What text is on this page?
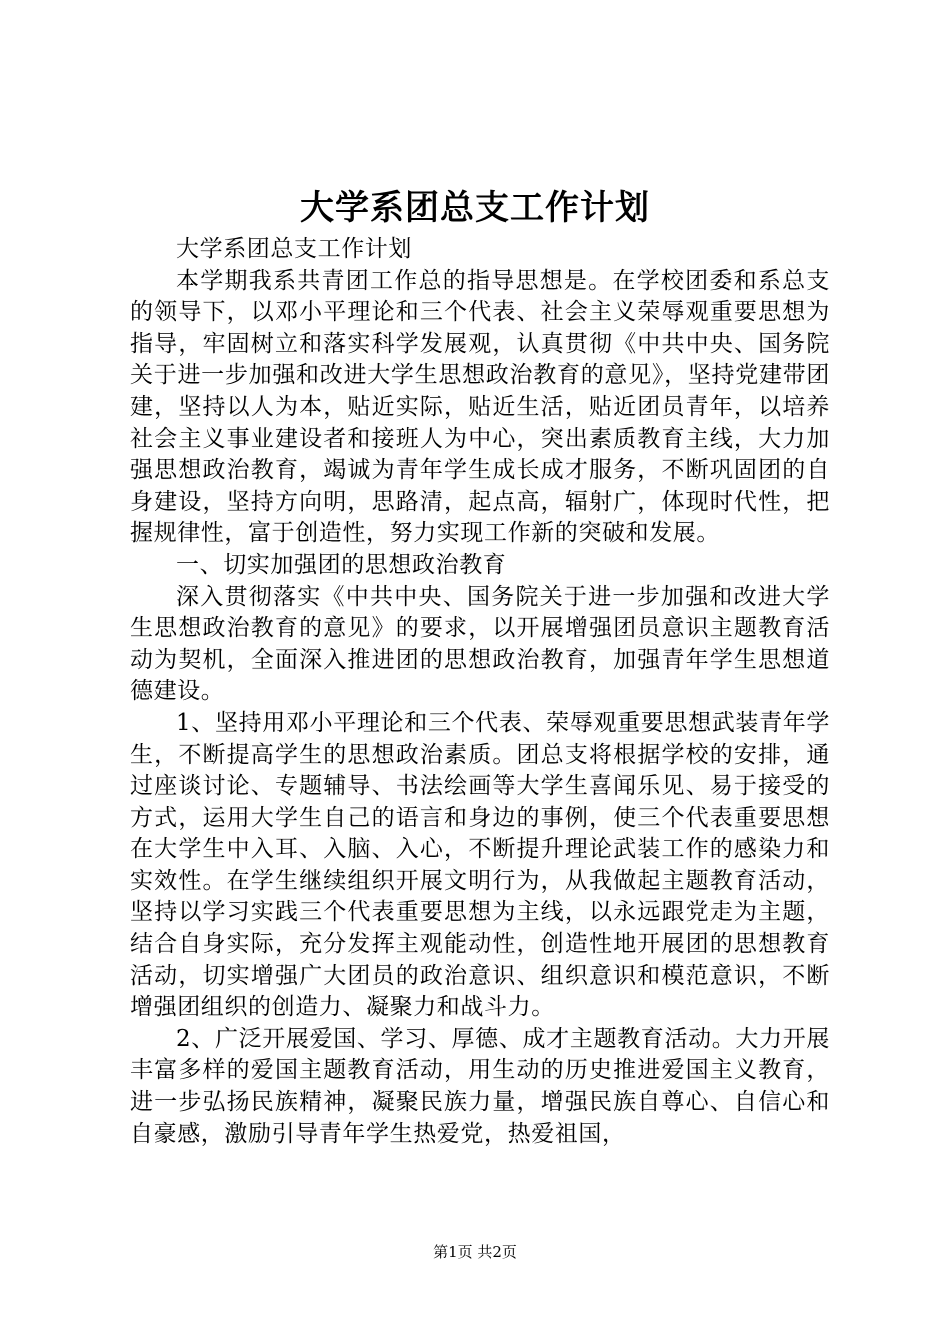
大学系团总支工作计划

大学系团总支工作计划

本学期我系共青团工作总的指导思想是。在学校团委和系总支的领导下，以邓小平理论和三个代表、社会主义荣辱观重要思想为指导，牢固树立和落实科学发展观，认真贯彻《中共中央、国务院关于进一步加强和改进大学生思想政治教育的意见》，坚持党建带团建，坚持以人为本，贴近实际，贴近生活，贴近团员青年，以培养社会主义事业建设者和接班人为中心，突出素质教育主线，大力加强思想政治教育，竭诚为青年学生成长成才服务，不断巩固团的自身建设，坚持方向明，思路清，起点高，辐射广，体现时代性，把握规律性，富于创造性，努力实现工作新的突破和发展。

一、切实加强团的思想政治教育

深入贯彻落实《中共中央、国务院关于进一步加强和改进大学生思想政治教育的意见》的要求，以开展增强团员意识主题教育活动为契机，全面深入推进团的思想政治教育，加强青年学生思想道德建设。

1、坚持用邓小平理论和三个代表、荣辱观重要思想武装青年学生，不断提高学生的思想政治素质。团总支将根据学校的安排，通过座谈讨论、专题辅导、书法绘画等大学生喜闻乐见、易于接受的方式，运用大学生自己的语言和身边的事例，使三个代表重要思想在大学生中入耳、入脑、入心，不断提升理论武装工作的感染力和实效性。在学生继续组织开展文明行为，从我做起主题教育活动，坚持以学习实践三个代表重要思想为主线，以永远跟党走为主题，结合自身实际，充分发挥主观能动性，创造性地开展团的思想教育活动，切实增强广大团员的政治意识、组织意识和模范意识，不断增强团组织的创造力、凝聚力和战斗力。

2、广泛开展爱国、学习、厚德、成才主题教育活动。大力开展丰富多样的爱国主题教育活动，用生动的历史推进爱国主义教育，进一步弘扬民族精神，凝聚民族力量，增强民族自尊心、自信心和自豪感，激励引导青年学生热爱党，热爱祖国，

第1页 共2页
